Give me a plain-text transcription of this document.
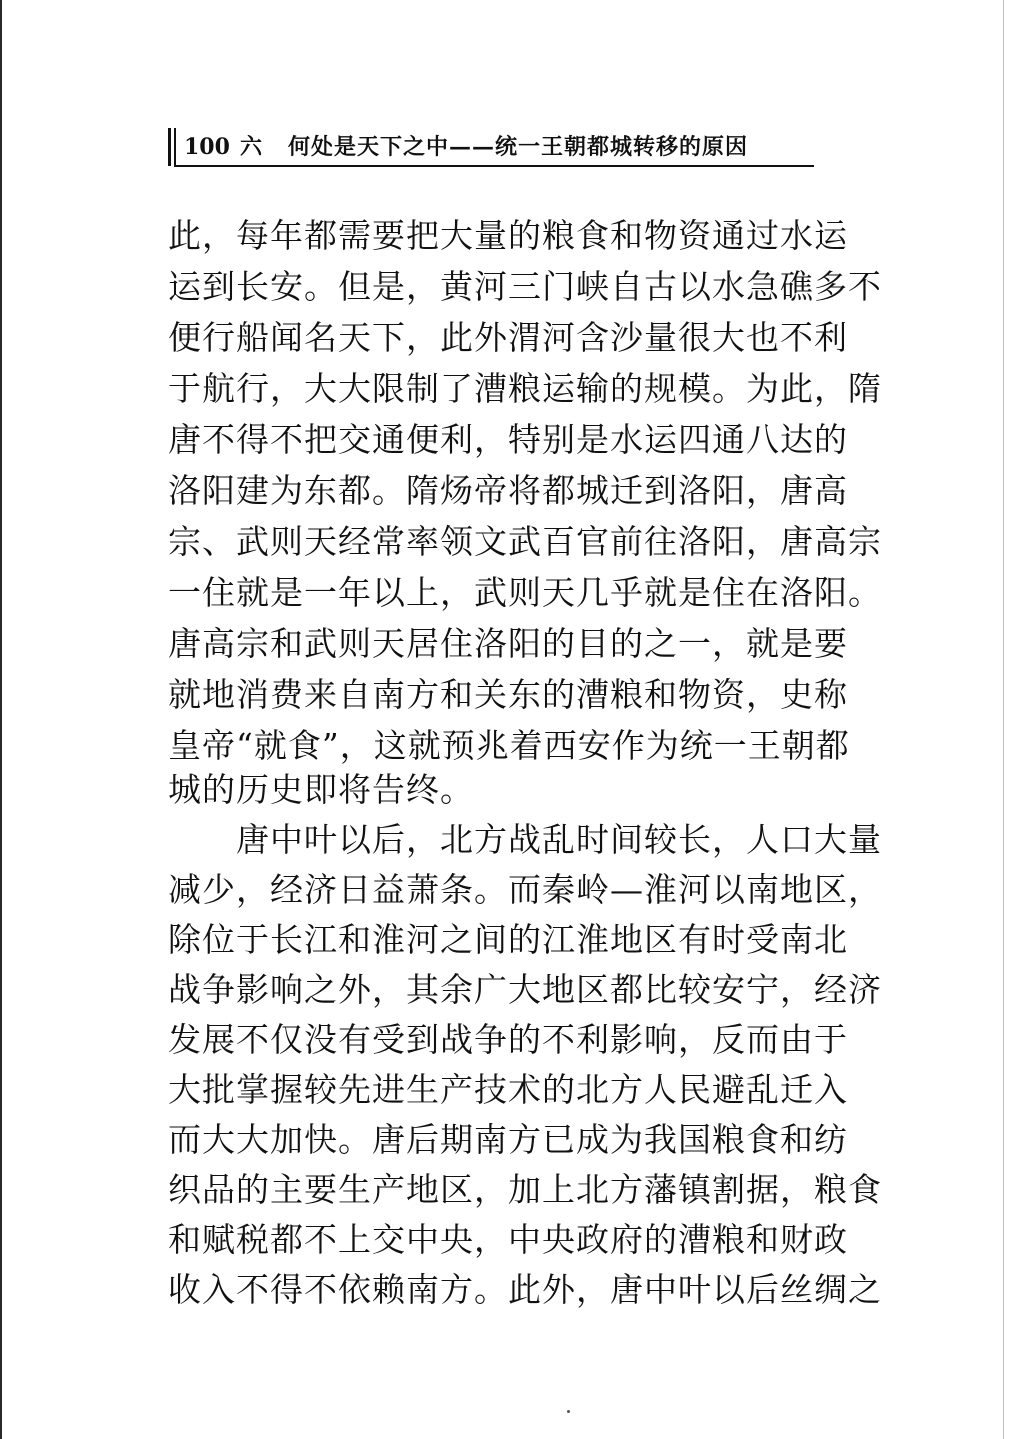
100 六 何处是天下之中——统一王朝都城转移的原因
此，每年都需要把大量的粮食和物资通过水运
运到长安。但是，黄河三门峡自古以水急礁多不
便行船闻名天下，此外渭河含沙量很大也不利
于航行，大大限制了漕粮运输的规模。为此，隋
唐不得不把交通便利，特别是水运四通八达的
洛阳建为东都。隋炀帝将都城迁到洛阳，唐高
宗、武则天经常率领文武百官前往洛阳，唐高宗
一住就是一年以上，武则天几乎就是住在洛阳。
唐高宗和武则天居住洛阳的目的之一，就是要
就地消费来自南方和关东的漕粮和物资，史称
皇帝“就食”，这就预兆着西安作为统一王朝都
城的历史即将告终。
唐中叶以后，北方战乱时间较长，人口大量
减少，经济日益萧条。而秦岭—淮河以南地区，
除位于长江和淮河之间的江淮地区有时受南北
战争影响之外，其余广大地区都比较安宁，经济
发展不仅没有受到战争的不利影响，反而由于
大批掌握较先进生产技术的北方人民避乱迁入
而大大加快。唐后期南方已成为我国粮食和纺
织品的主要生产地区，加上北方藩镇割据，粮食
和赋税都不上交中央，中央政府的漕粮和财政
收入不得不依赖南方。此外，唐中叶以后丝绸之
